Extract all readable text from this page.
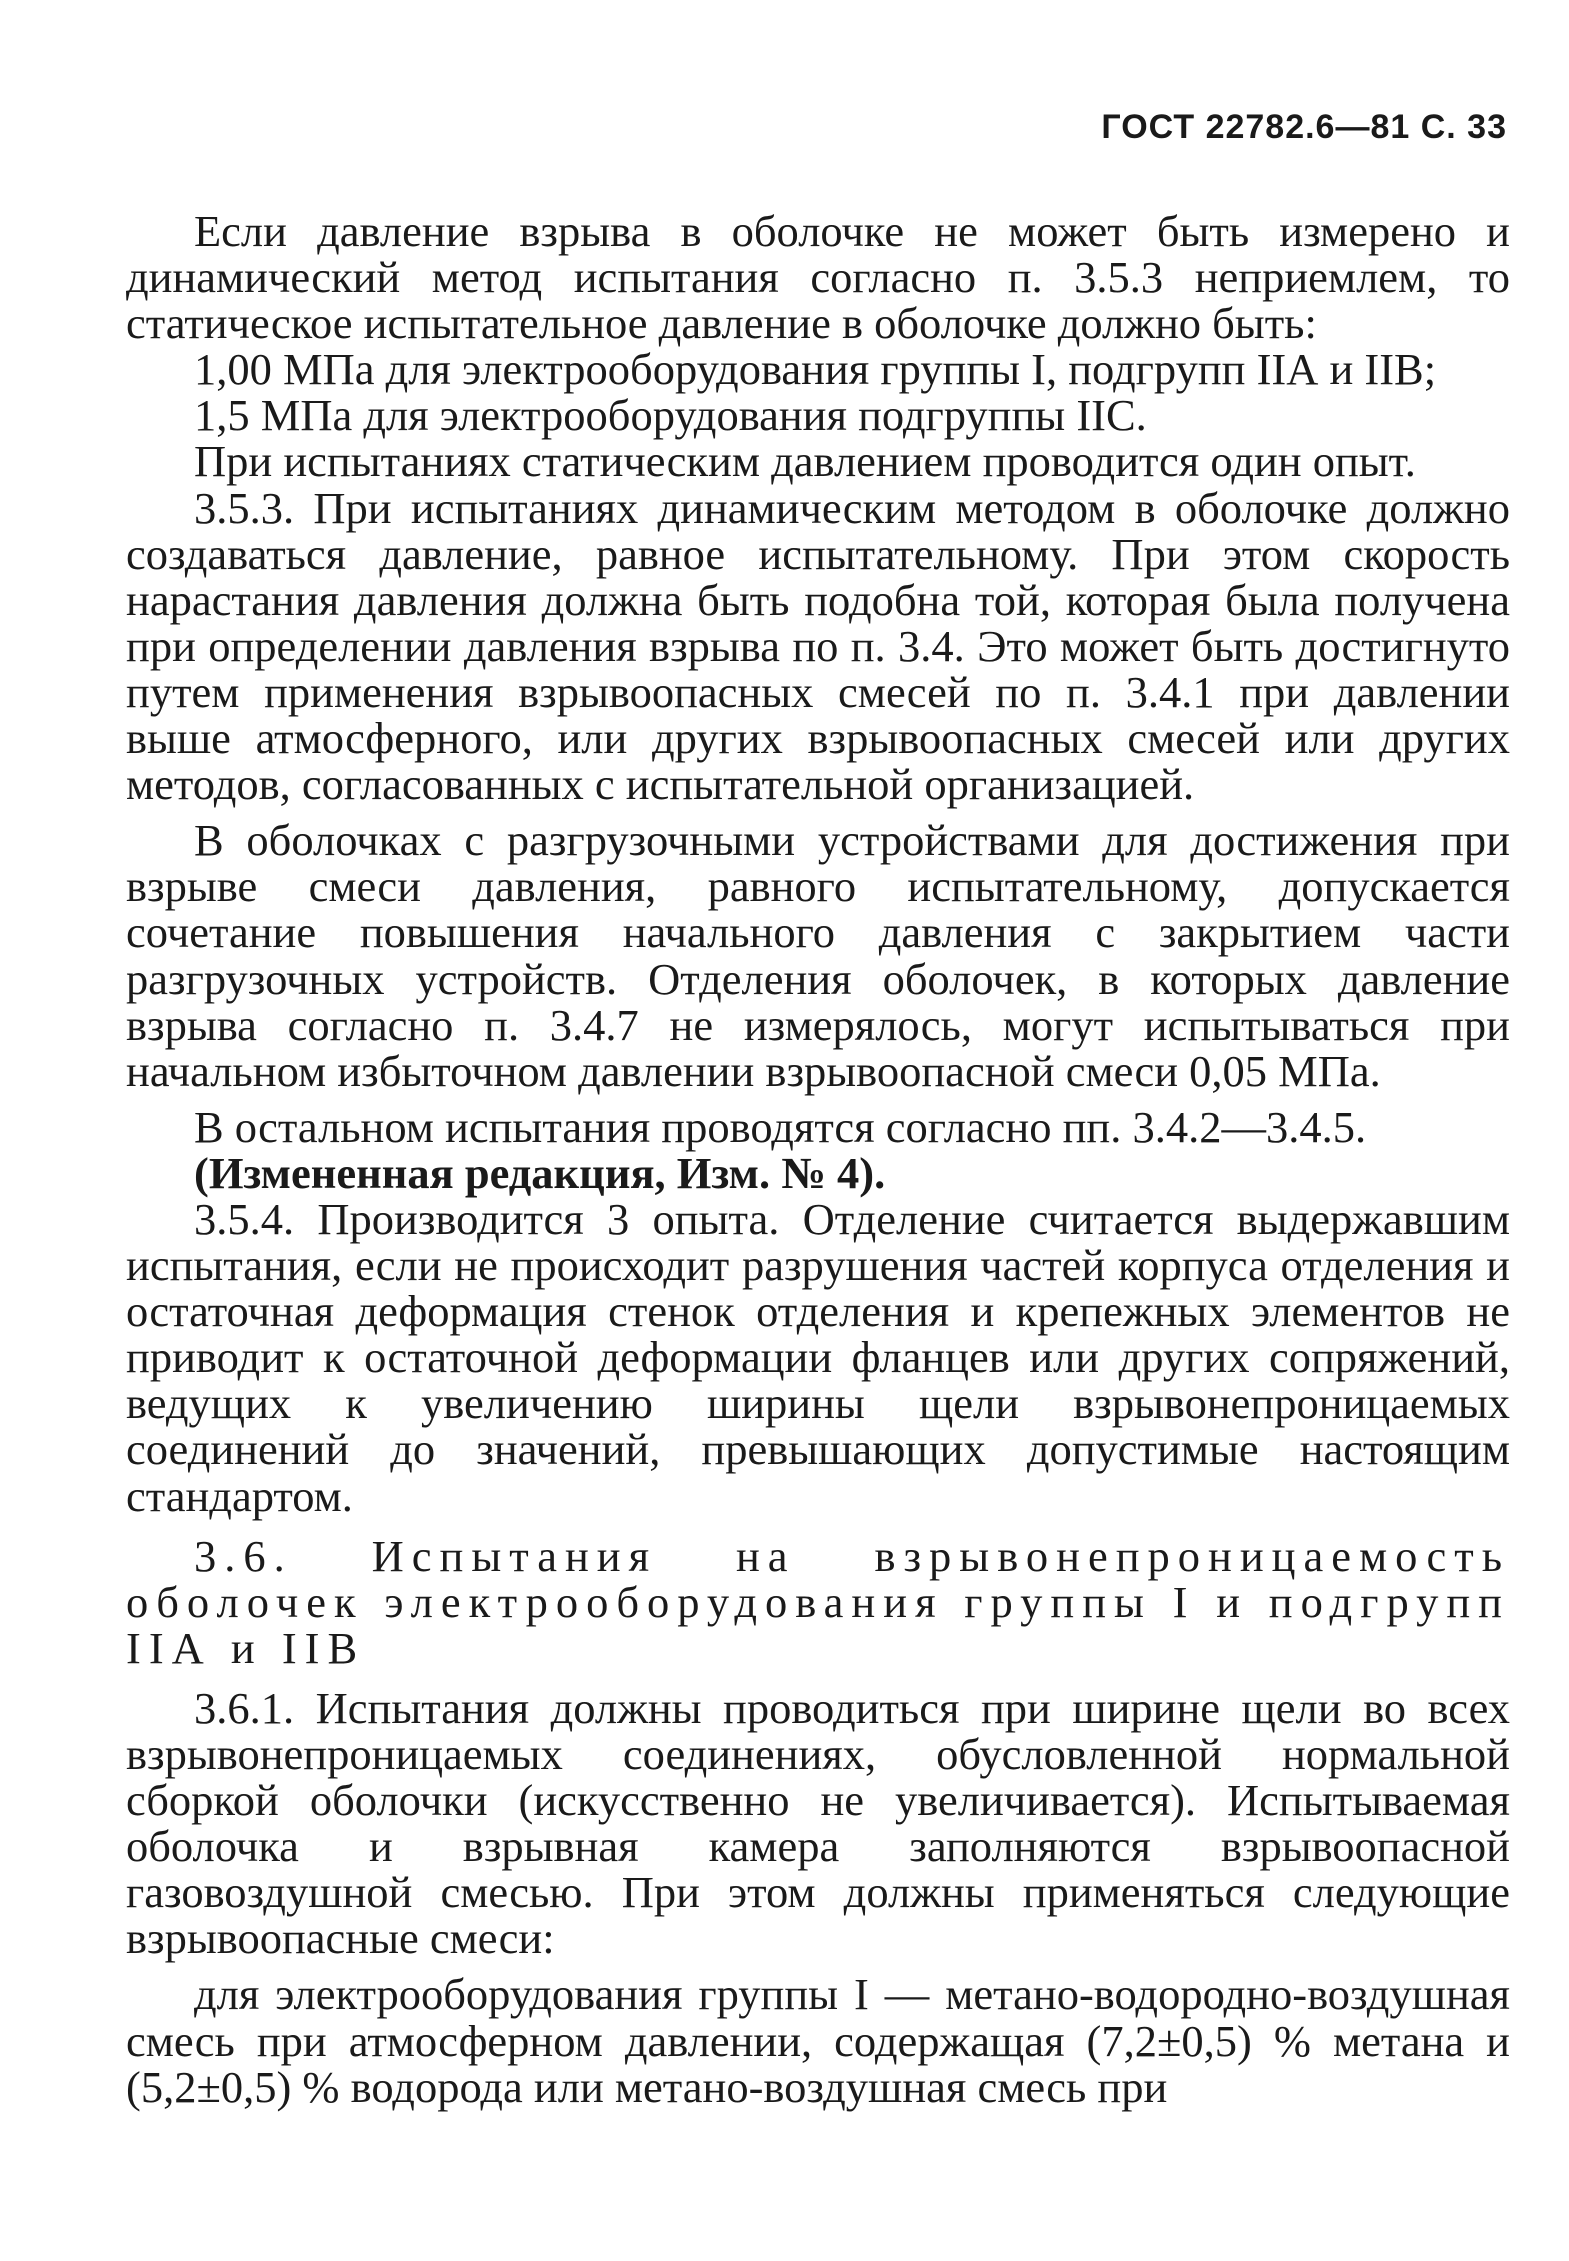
ГОСТ 22782.6—81 С. 33

Если давление взрыва в оболочке не может быть измерено и динамический метод испытания согласно п. 3.5.3 неприемлем, то статическое испытательное давление в оболочке должно быть:

1,00 МПа для электрооборудования группы I, подгрупп IIА и IIВ;

1,5 МПа для электрооборудования подгруппы IIС.

При испытаниях статическим давлением проводится один опыт.

3.5.3. При испытаниях динамическим методом в оболочке должно создаваться давление, равное испытательному. При этом скорость нарастания давления должна быть подобна той, которая была получена при определении давления взрыва по п. 3.4. Это может быть достигнуто путем применения взрывоопасных смесей по п. 3.4.1 при давлении выше атмосферного, или других взрывоопасных смесей или других методов, согласованных с испытательной организацией.

В оболочках с разгрузочными устройствами для достижения при взрыве смеси давления, равного испытательному, допускается сочетание повышения начального давления с закрытием части разгрузочных устройств. Отделения оболочек, в которых давление взрыва согласно п. 3.4.7 не измерялось, могут испытываться при начальном избыточном давлении взрывоопасной смеси 0,05 МПа.

В остальном испытания проводятся согласно пп. 3.4.2—3.4.5.

(Измененная редакция, Изм. № 4).

3.5.4. Производится 3 опыта. Отделение считается выдержавшим испытания, если не происходит разрушения частей корпуса отделения и остаточная деформация стенок отделения и крепежных элементов не приводит к остаточной деформации фланцев или других сопряжений, ведущих к увеличению ширины щели взрывонепроницаемых соединений до значений, превышающих допустимые настоящим стандартом.

3.6. Испытания на взрывонепроницаемость оболочек электрооборудования группы I и подгрупп IIА и IIВ

3.6.1. Испытания должны проводиться при ширине щели во всех взрывонепроницаемых соединениях, обусловленной нормальной сборкой оболочки (искусственно не увеличивается). Испытываемая оболочка и взрывная камера заполняются взрывоопасной газовоздушной смесью. При этом должны применяться следующие взрывоопасные смеси:

для электрооборудования группы I — метано-водородно-воздушная смесь при атмосферном давлении, содержащая (7,2±0,5) % метана и (5,2±0,5) % водорода или метано-воздушная смесь при
